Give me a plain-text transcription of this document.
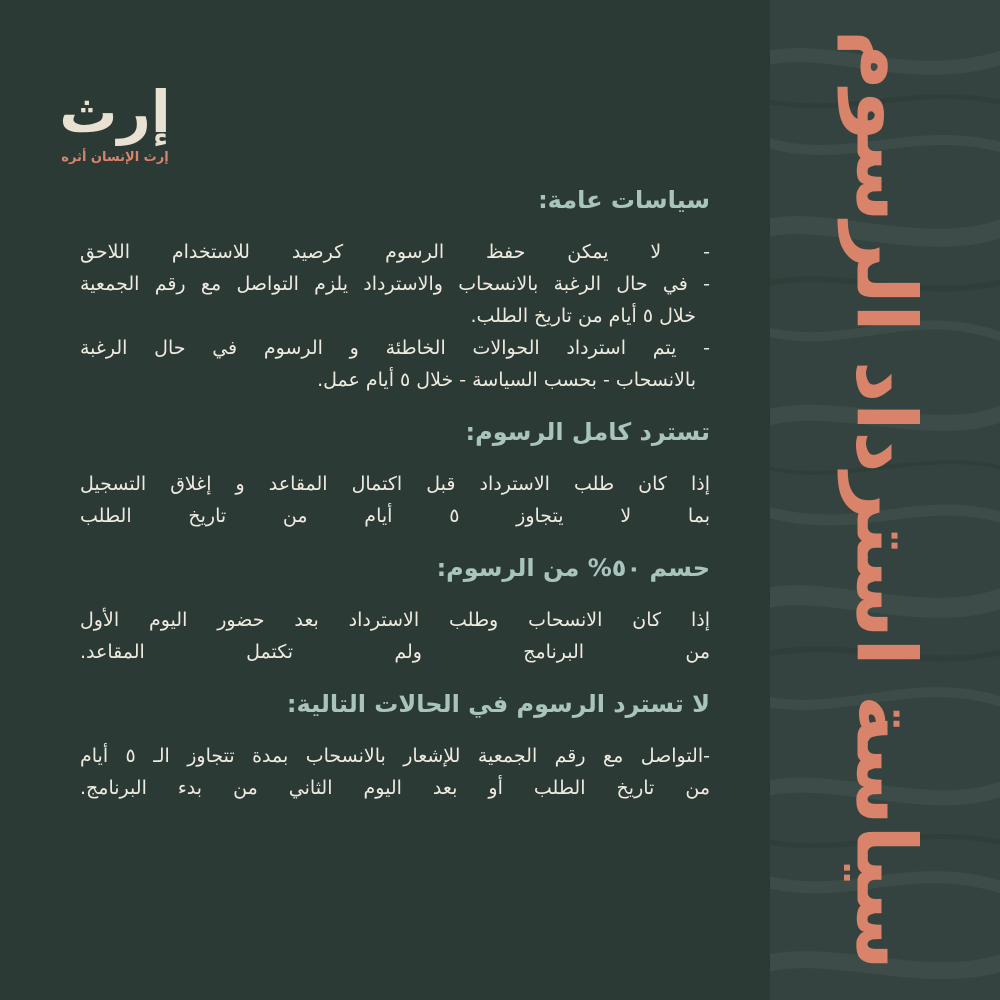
إرث
إرث الإنسان أثره
سياسات عامة:
- لا يمكن حفظ الرسوم كرصيد للاستخدام اللاحق
- في حال الرغبة بالانسحاب والاسترداد يلزم التواصل مع رقم الجمعية
خلال ٥ أيام من تاريخ الطلب.
- يتم استرداد الحوالات الخاطئة و الرسوم في حال الرغبة
بالانسحاب - بحسب السياسة - خلال ٥ أيام عمل.
تسترد كامل الرسوم:
إذا كان طلب الاسترداد قبل اكتمال المقاعد و إغلاق التسجيل
بما لا يتجاوز ٥ أيام من تاريخ الطلب
حسم ٥٠% من الرسوم:
إذا كان الانسحاب وطلب الاسترداد بعد حضور اليوم الأول
من البرنامج ولم تكتمل المقاعد.
لا تسترد الرسوم في الحالات التالية:
-التواصل مع رقم الجمعية للإشعار بالانسحاب بمدة تتجاوز الـ ٥ أيام
من تاريخ الطلب أو بعد اليوم الثاني من بدء البرنامج. سياسة استرداد الرسوم
